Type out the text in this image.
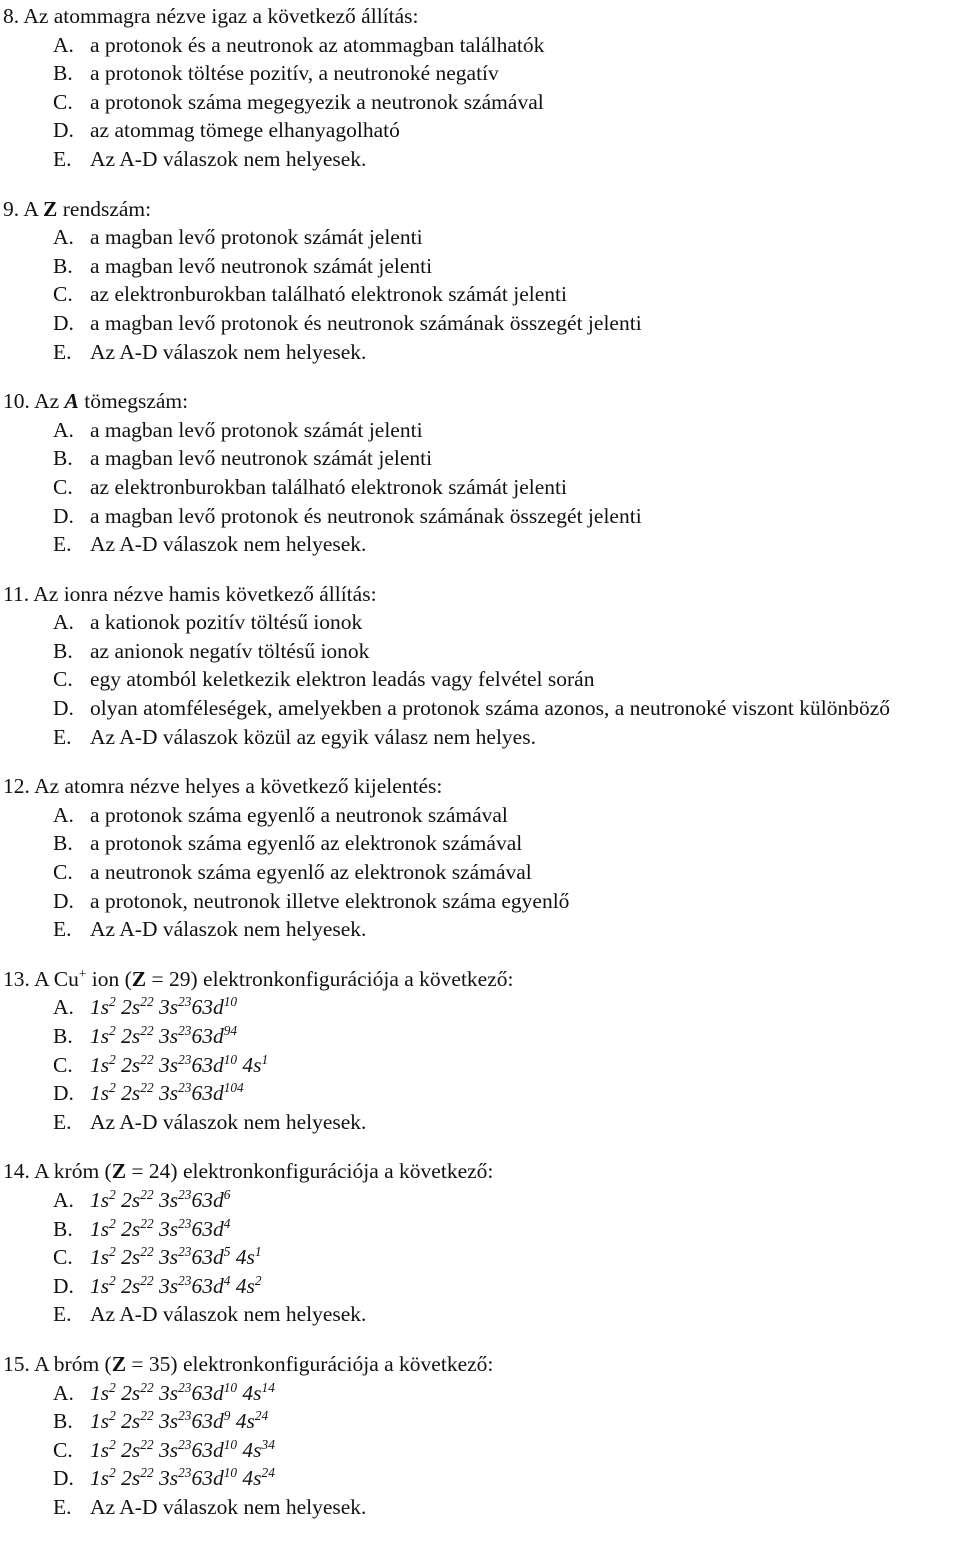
8. Az atommagra nézve igaz a következő állítás:
A. a protonok és a neutronok az atommagban találhatók
B. a protonok töltése pozitív, a neutronoké negatív
C. a protonok száma megegyezik a neutronok számával
D. az atommag tömege elhanyagolható
E. Az A-D válaszok nem helyesek.
9. A Z rendszám:
A. a magban levő protonok számát jelenti
B. a magban levő neutronok számát jelenti
C. az elektronburokban található elektronok számát jelenti
D. a magban levő protonok és neutronok számának összegét jelenti
E. Az A-D válaszok nem helyesek.
10. Az A tömegszám:
A. a magban levő protonok számát jelenti
B. a magban levő neutronok számát jelenti
C. az elektronburokban található elektronok számát jelenti
D. a magban levő protonok és neutronok számának összegét jelenti
E. Az A-D válaszok nem helyesek.
11. Az ionra nézve hamis következő állítás:
A. a kationok pozitív töltésű ionok
B. az anionok negatív töltésű ionok
C. egy atomból keletkezik elektron leadás vagy felvétel során
D. olyan atomféleségek, amelyekben a protonok száma azonos, a neutronoké viszont különböző
E. Az A-D válaszok közül az egyik válasz nem helyes.
12. Az atomra nézve helyes a következő kijelentés:
A. a protonok száma egyenlő a neutronok számával
B. a protonok száma egyenlő az elektronok számával
C. a neutronok száma egyenlő az elektronok számával
D. a protonok, neutronok illetve elektronok száma egyenlő
E. Az A-D válaszok nem helyesek.
13. A Cu+ ion (Z = 29) elektronkonfigurációja a következő:
A. $1s^2$ $2s^{22}$ $3s^{23}63d^{10}$
B. $1s^2$ $2s^{22}$ $3s^{23}63d^{94}$
C. $1s^2$ $2s^{22}$ $3s^{23}63d^{10}$ $4s^1$
D. $1s^2$ $2s^{22}$ $3s^{23}63d^{104}$
E. Az A-D válaszok nem helyesek.
14. A króm (Z = 24) elektronkonfigurációja a következő:
A. $1s^2$ $2s^{22}$ $3s^{23}63d^6$
B. $1s^2$ $2s^{22}$ $3s^{23}63d^4$
C. $1s^2$ $2s^{22}$ $3s^{23}63d^5$ $4s^1$
D. $1s^2$ $2s^{22}$ $3s^{23}63d^4$ $4s^2$
E. Az A-D válaszok nem helyesek.
15. A bróm (Z = 35) elektronkonfigurációja a következő:
A. $1s^2$ $2s^{22}$ $3s^{23}63d^{10}$ $4s^{14}$
B. $1s^2$ $2s^{22}$ $3s^{23}63d^9$ $4s^{24}$
C. $1s^2$ $2s^{22}$ $3s^{23}63d^{10}$ $4s^{34}$
D. $1s^2$ $2s^{22}$ $3s^{23}63d^{10}$ $4s^{24}$
E. Az A-D válaszok nem helyesek.
